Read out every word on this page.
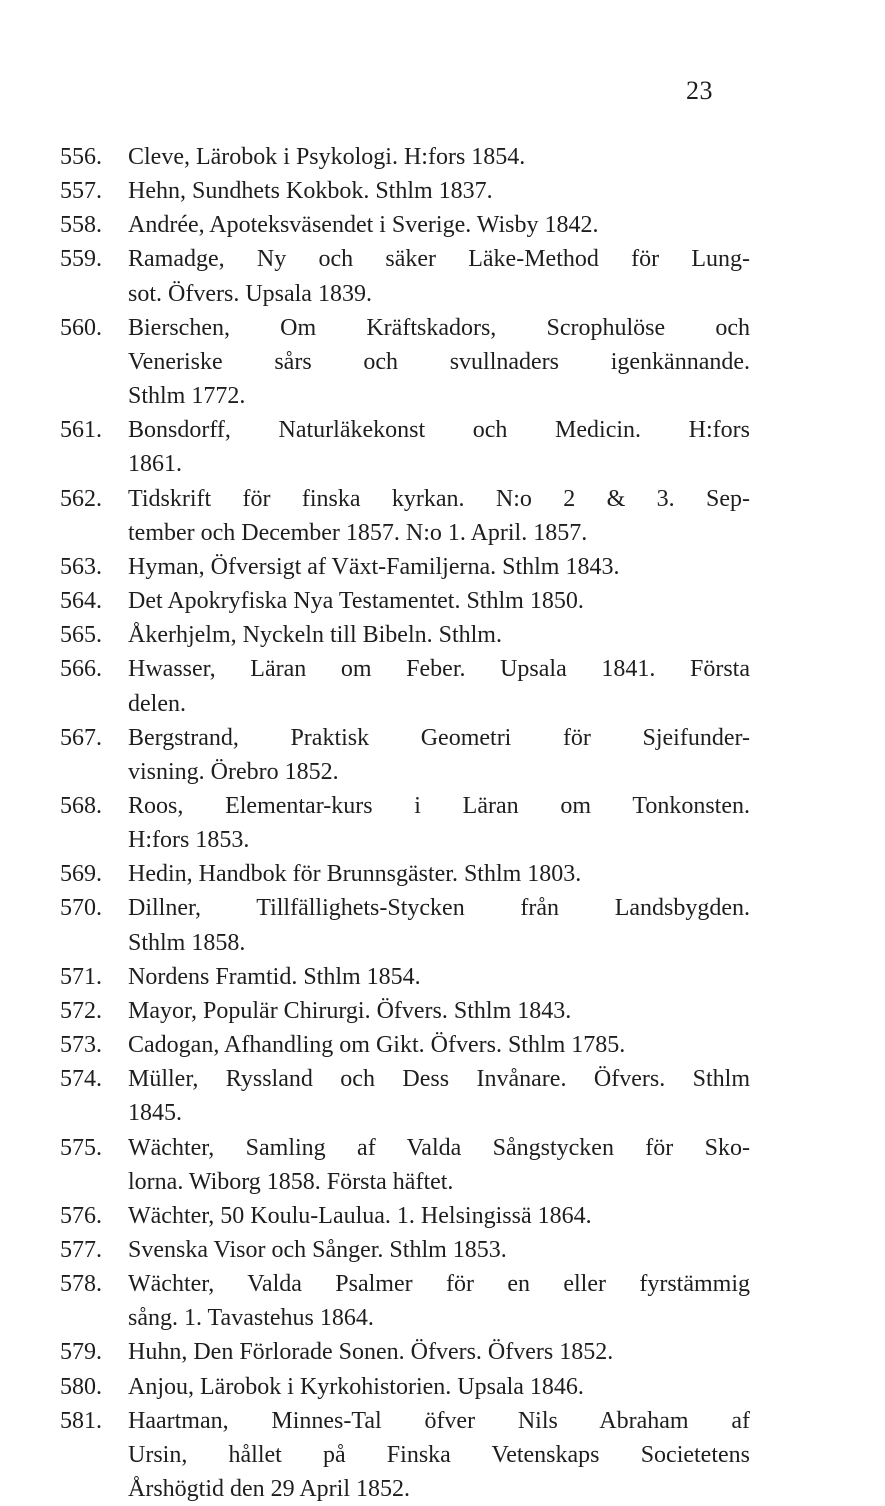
23
556.	Cleve, Lärobok i Psykologi. H:fors 1854.
557.	Hehn, Sundhets Kokbok. Sthlm 1837.
558.	Andrée, Apoteksväsendet i Sverige. Wisby 1842.
559.	Ramadge, Ny och säker Läke-Method för Lung-
sot. Öfvers. Upsala 1839.
560.	Bierschen, Om Kräftskadors, Scrophulöse och
Veneriske sårs och svullnaders igenkännande.
Sthlm 1772.
561.	Bonsdorff, Naturläkekonst och Medicin. H:fors
1861.
562.	Tidskrift för finska kyrkan. N:o 2 & 3. Sep-
tember och December 1857. N:o 1. April. 1857.
563.	Hyman, Öfversigt af Växt-Familjerna. Sthlm 1843.
564.	Det Apokryfiska Nya Testamentet. Sthlm 1850.
565.	Åkerhjelm, Nyckeln till Bibeln. Sthlm.
566.	Hwasser, Läran om Feber. Upsala 1841. Första
delen.
567.	Bergstrand, Praktisk Geometri för Sjeifunder-
visning. Örebro 1852.
568.	Roos, Elementar-kurs i Läran om Tonkonsten.
H:fors 1853.
569.	Hedin, Handbok för Brunnsgäster. Sthlm 1803.
570.	Dillner, Tillfällighets-Stycken från Landsbygden.
Sthlm 1858.
571.	Nordens Framtid. Sthlm 1854.
572.	Mayor, Populär Chirurgi. Öfvers. Sthlm 1843.
573.	Cadogan, Afhandling om Gikt. Öfvers. Sthlm 1785.
574.	Müller, Ryssland och Dess Invånare. Öfvers. Sthlm
1845.
575.	Wächter, Samling af Valda Sångstycken för Sko-
lorna. Wiborg 1858. Första häftet.
576.	Wächter, 50 Koulu-Laulua. 1. Helsingissä 1864.
577.	Svenska Visor och Sånger. Sthlm 1853.
578.	Wächter, Valda Psalmer för en eller fyrstämmig
sång. 1. Tavastehus 1864.
579.	Huhn, Den Förlorade Sonen. Öfvers. Öfvers 1852.
580.	Anjou, Lärobok i Kyrkohistorien. Upsala 1846.
581.	Haartman, Minnes-Tal öfver Nils Abraham af
Ursin, hållet på Finska Vetenskaps Societetens
Årshögtid den 29 April 1852.
